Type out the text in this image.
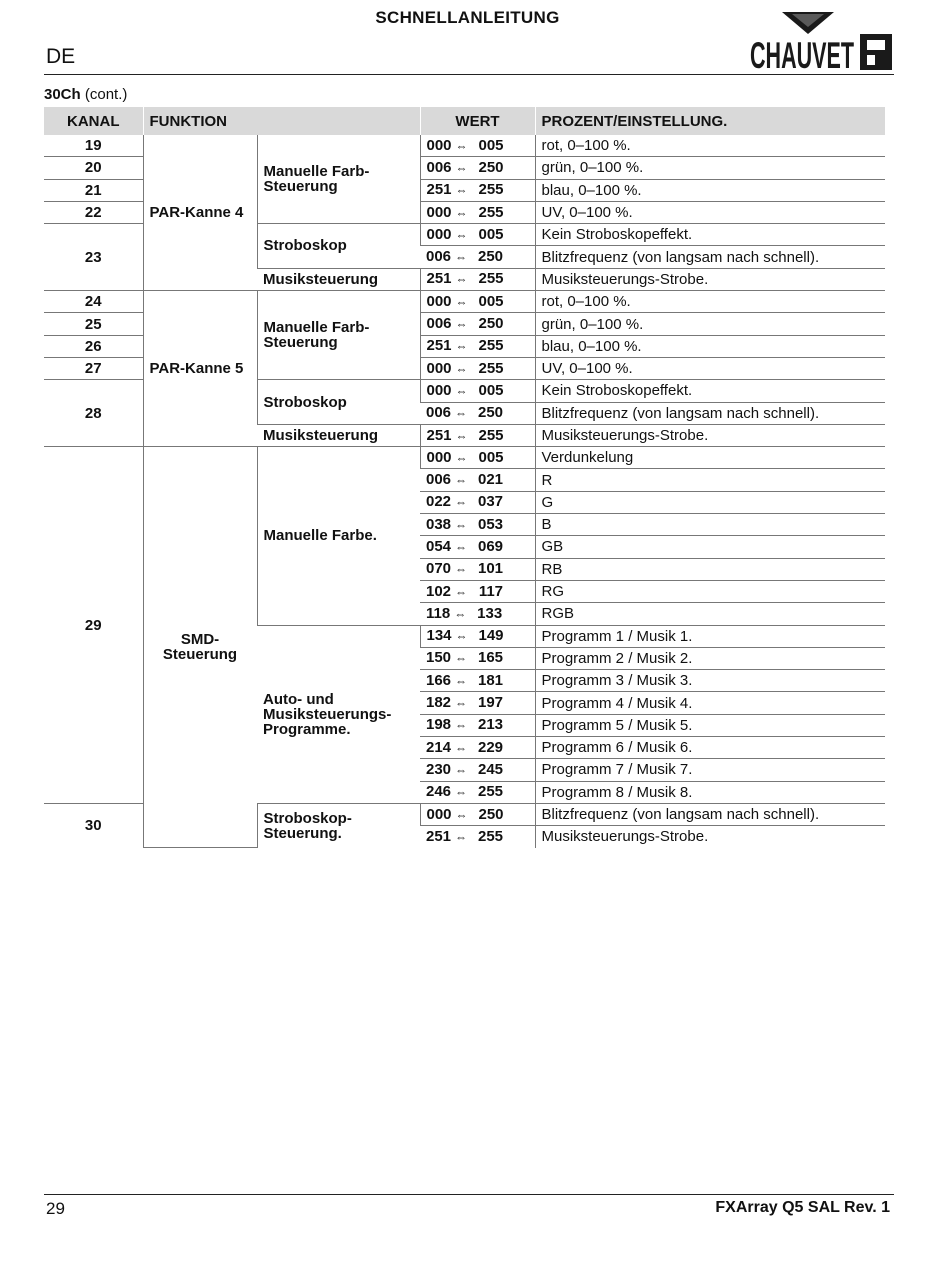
SCHNELLANLEITUNG
DE	CHAUVET
30Ch (cont.)
KANAL	FUNKTION		WERT	PROZENT/EINSTELLUNG.
19	PAR-Kanne 4	Manuelle Farb-Steuerung	000 ⇔ 005	rot, 0–100 %.
20			006 ⇔ 250	grün, 0–100 %.
21			251 ⇔ 255	blau, 0–100 %.
22			000 ⇔ 255	UV, 0–100 %.
23		Stroboskop	000 ⇔ 005	Kein Stroboskopeffekt.
			006 ⇔ 250	Blitzfrequenz (von langsam nach schnell).
		Musiksteuerung	251 ⇔ 255	Musiksteuerungs-Strobe.
24	PAR-Kanne 5	Manuelle Farb-Steuerung	000 ⇔ 005	rot, 0–100 %.
25			006 ⇔ 250	grün, 0–100 %.
26			251 ⇔ 255	blau, 0–100 %.
27			000 ⇔ 255	UV, 0–100 %.
28		Stroboskop	000 ⇔ 005	Kein Stroboskopeffekt.
			006 ⇔ 250	Blitzfrequenz (von langsam nach schnell).
		Musiksteuerung	251 ⇔ 255	Musiksteuerungs-Strobe.
29	SMD-Steuerung	Manuelle Farbe.	000 ⇔ 005	Verdunkelung
			006 ⇔ 021	R
			022 ⇔ 037	G
			038 ⇔ 053	B
			054 ⇔ 069	GB
			070 ⇔ 101	RB
			102 ⇔ 117	RG
			118 ⇔ 133	RGB
		Auto- und Musiksteuerungs-Programme.	134 ⇔ 149	Programm 1 / Musik 1.
			150 ⇔ 165	Programm 2 / Musik 2.
			166 ⇔ 181	Programm 3 / Musik 3.
			182 ⇔ 197	Programm 4 / Musik 4.
			198 ⇔ 213	Programm 5 / Musik 5.
			214 ⇔ 229	Programm 6 / Musik 6.
			230 ⇔ 245	Programm 7 / Musik 7.
			246 ⇔ 255	Programm 8 / Musik 8.
30		Stroboskop-Steuerung.	000 ⇔ 250	Blitzfrequenz (von langsam nach schnell).
			251 ⇔ 255	Musiksteuerungs-Strobe.
29	FXArray Q5 SAL Rev. 1
